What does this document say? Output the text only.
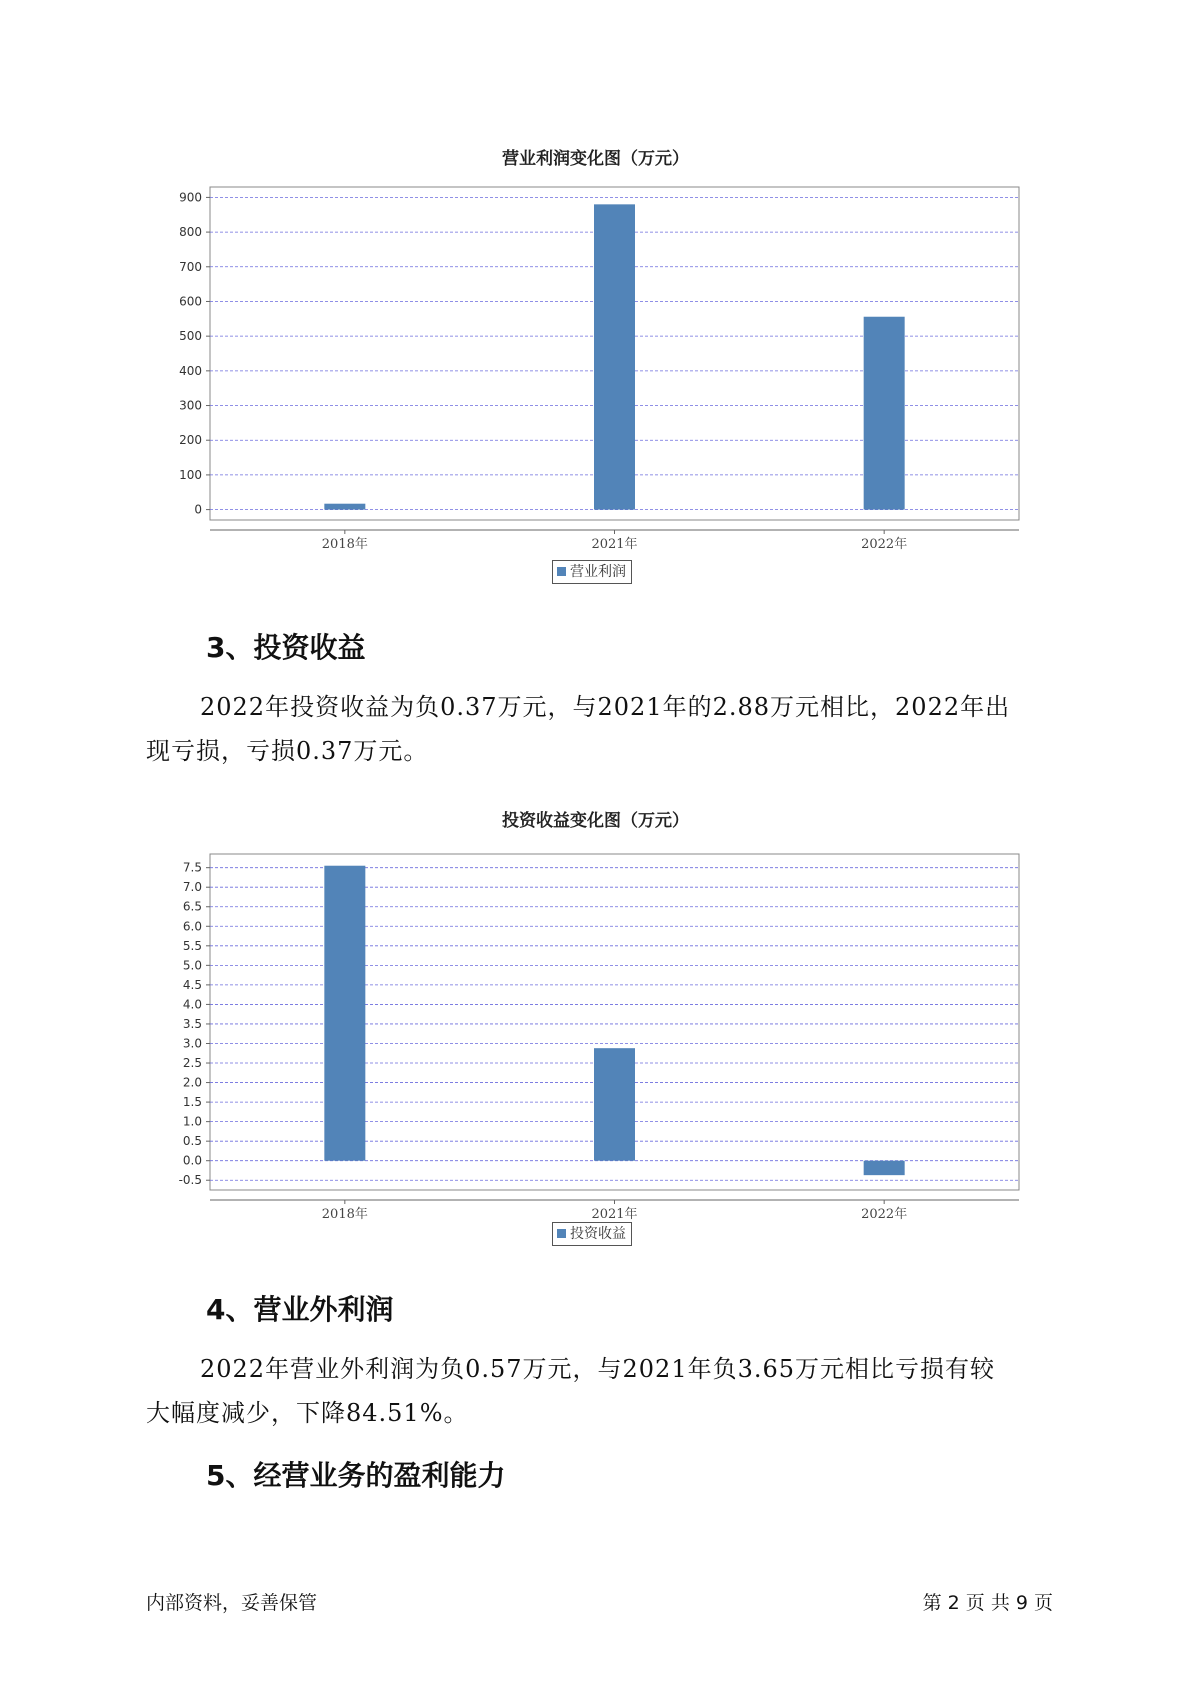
营业利润变化图（万元）
0
100
200
300
400
500
600
700
800
900
2018年	2021年	2022年
营业利润
3、投资收益
2022年投资收益为负0.37万元，与2021年的2.88万元相比，2022年出
现亏损，亏损0.37万元。
投资收益变化图（万元）
-0.5
0.0
0.5
1.0
1.5
2.0
2.5
3.0
3.5
4.0
4.5
5.0
5.5
6.0
6.5
7.0
7.5
2018年	2021年	2022年
投资收益
4、营业外利润
2022年营业外利润为负0.57万元，与2021年负3.65万元相比亏损有较
大幅度减少，下降84.51%。
5、经营业务的盈利能力
内部资料，妥善保管	第 2 页 共 9 页
